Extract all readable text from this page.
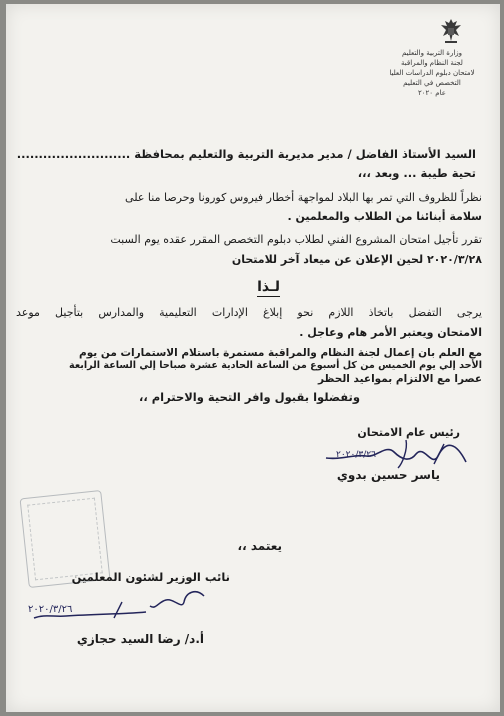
وزارة التربية والتعليم
لجنة النظام والمراقبة
لامتحان دبلوم الدراسات العليا
التخصص في التعليم
عام ٢٠٢٠
السيد الأستاذ الفاضل / مدير مديرية التربية والتعليم بمحافظة ..........................
تحية طيبة ... وبعد ،،،
نظراً للظروف التي تمر بها البلاد لمواجهة أخطار فيروس كورونا وحرصا منا على
سلامة أبنائنا من الطلاب والمعلمين .
تقرر تأجيل امتحان المشروع الفني لطلاب دبلوم التخصص المقرر عقده يوم السبت
٢٠٢٠/٣/٢٨ لحين الإعلان عن ميعاد آخر للامتحان
لـذا
يرجى التفضل باتخاذ اللازم نحو إبلاغ الإدارات التعليمية والمدارس بتأجيل موعد
الامتحان ويعتبر الأمر هام وعاجل .
مع العلم بان إعمال لجنة النظام والمراقبة مستمرة باستلام الاستمارات من يوم
الأحد إلي يوم الخميس من كل أسبوع من الساعة الحادية عشرة صباحا إلي الساعة الرابعة
عصرا مع الالتزام بمواعيد الحظر
وتفضلوا بقبول وافر التحية والاحترام ،،
رئيس عام الامتحان
٢٠٢٠/٣/٢٦
ياسر حسين بدوي
يعتمد ،،
نائب الوزير لشئون المعلمين
٢٠٢٠/٣/٢٦
أ.د/ رضا السيد حجازي
